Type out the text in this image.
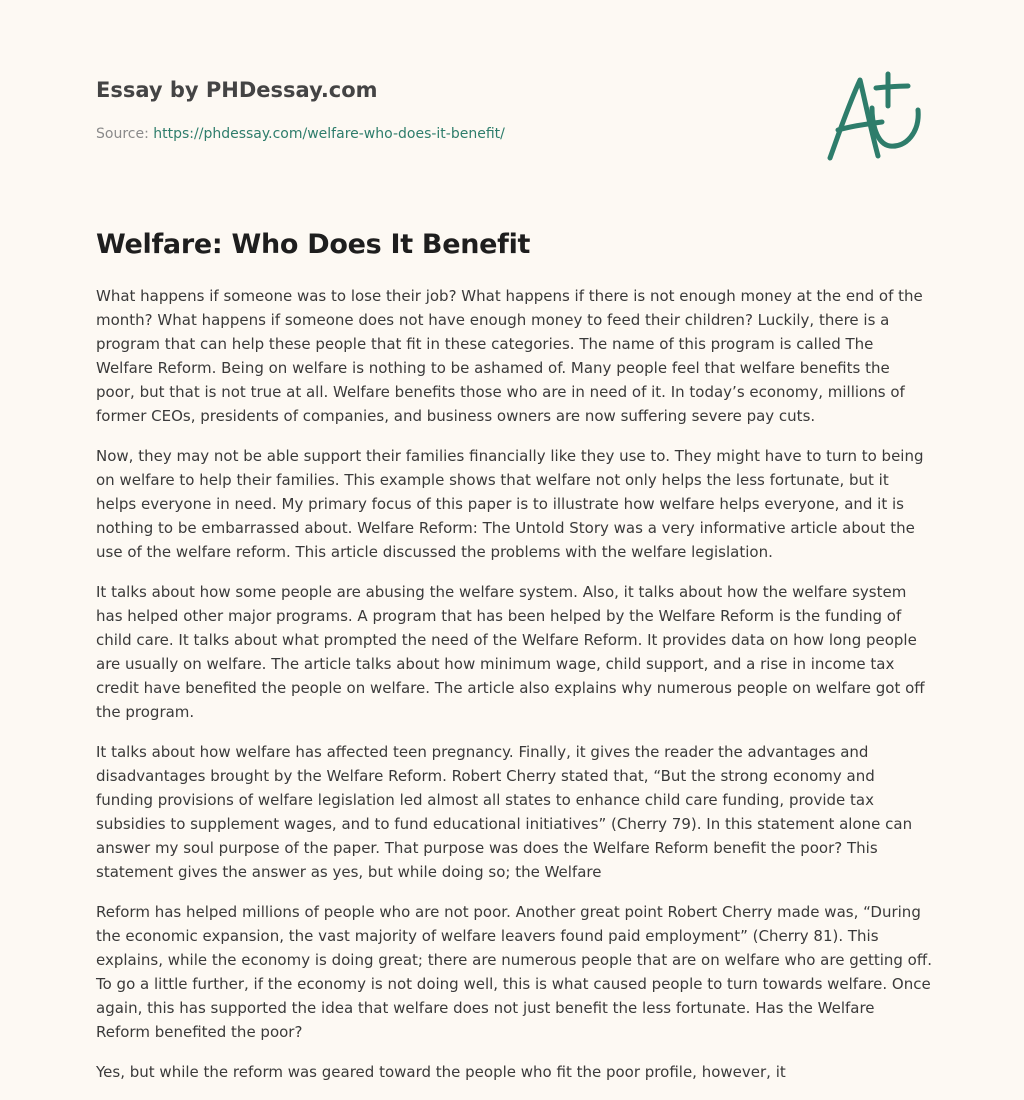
Essay by PHDessay.com
Source: https://phdessay.com/welfare-who-does-it-benefit/
Welfare: Who Does It Benefit

What happens if someone was to lose their job? What happens if there is not enough money at the end of the month? What happens if someone does not have enough money to feed their children? Luckily, there is a program that can help these people that fit in these categories. The name of this program is called The Welfare Reform. Being on welfare is nothing to be ashamed of. Many people feel that welfare benefits the poor, but that is not true at all. Welfare benefits those who are in need of it. In today’s economy, millions of former CEOs, presidents of companies, and business owners are now suffering severe pay cuts.

Now, they may not be able support their families financially like they use to. They might have to turn to being on welfare to help their families. This example shows that welfare not only helps the less fortunate, but it helps everyone in need. My primary focus of this paper is to illustrate how welfare helps everyone, and it is nothing to be embarrassed about. Welfare Reform: The Untold Story was a very informative article about the use of the welfare reform. This article discussed the problems with the welfare legislation.

It talks about how some people are abusing the welfare system. Also, it talks about how the welfare system has helped other major programs. A program that has been helped by the Welfare Reform is the funding of child care. It talks about what prompted the need of the Welfare Reform. It provides data on how long people are usually on welfare. The article talks about how minimum wage, child support, and a rise in income tax credit have benefited the people on welfare. The article also explains why numerous people on welfare got off the program.

It talks about how welfare has affected teen pregnancy. Finally, it gives the reader the advantages and disadvantages brought by the Welfare Reform. Robert Cherry stated that, “But the strong economy and funding provisions of welfare legislation led almost all states to enhance child care funding, provide tax subsidies to supplement wages, and to fund educational initiatives” (Cherry 79). In this statement alone can answer my soul purpose of the paper. That purpose was does the Welfare Reform benefit the poor? This statement gives the answer as yes, but while doing so; the Welfare

Reform has helped millions of people who are not poor. Another great point Robert Cherry made was, “During the economic expansion, the vast majority of welfare leavers found paid employment” (Cherry 81). This explains, while the economy is doing great; there are numerous people that are on welfare who are getting off. To go a little further, if the economy is not doing well, this is what caused people to turn towards welfare. Once again, this has supported the idea that welfare does not just benefit the less fortunate. Has the Welfare Reform benefited the poor?

Yes, but while the reform was geared toward the people who fit the poor profile, however, it
